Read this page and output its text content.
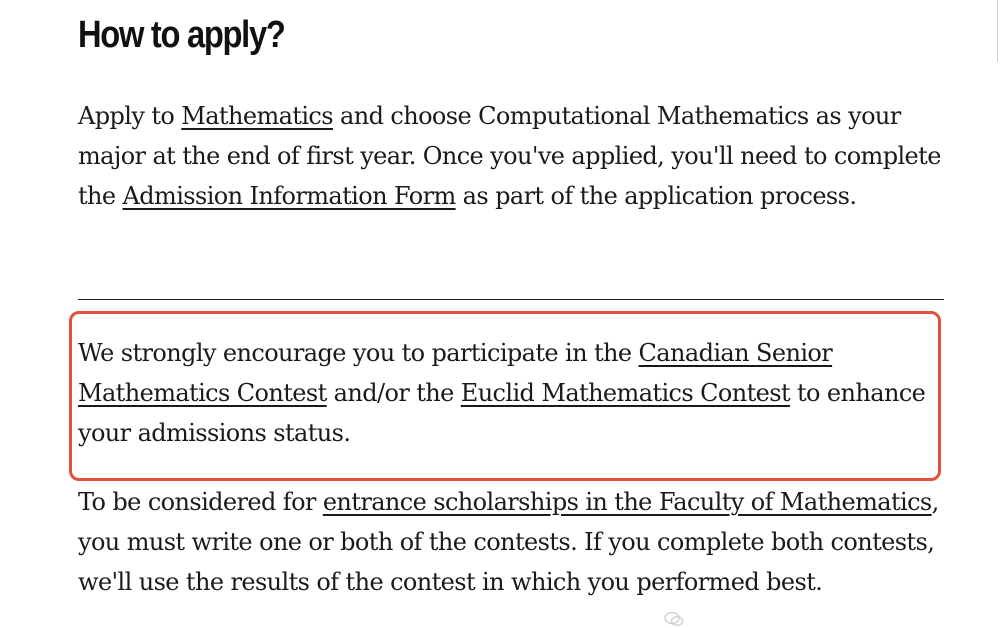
How to apply?

Apply to Mathematics and choose Computational Mathematics as your major at the end of first year. Once you've applied, you'll need to complete the Admission Information Form as part of the application process.

We strongly encourage you to participate in the Canadian Senior Mathematics Contest and/or the Euclid Mathematics Contest to enhance your admissions status.

To be considered for entrance scholarships in the Faculty of Mathematics, you must write one or both of the contests. If you complete both contests, we'll use the results of the contest in which you performed best.
